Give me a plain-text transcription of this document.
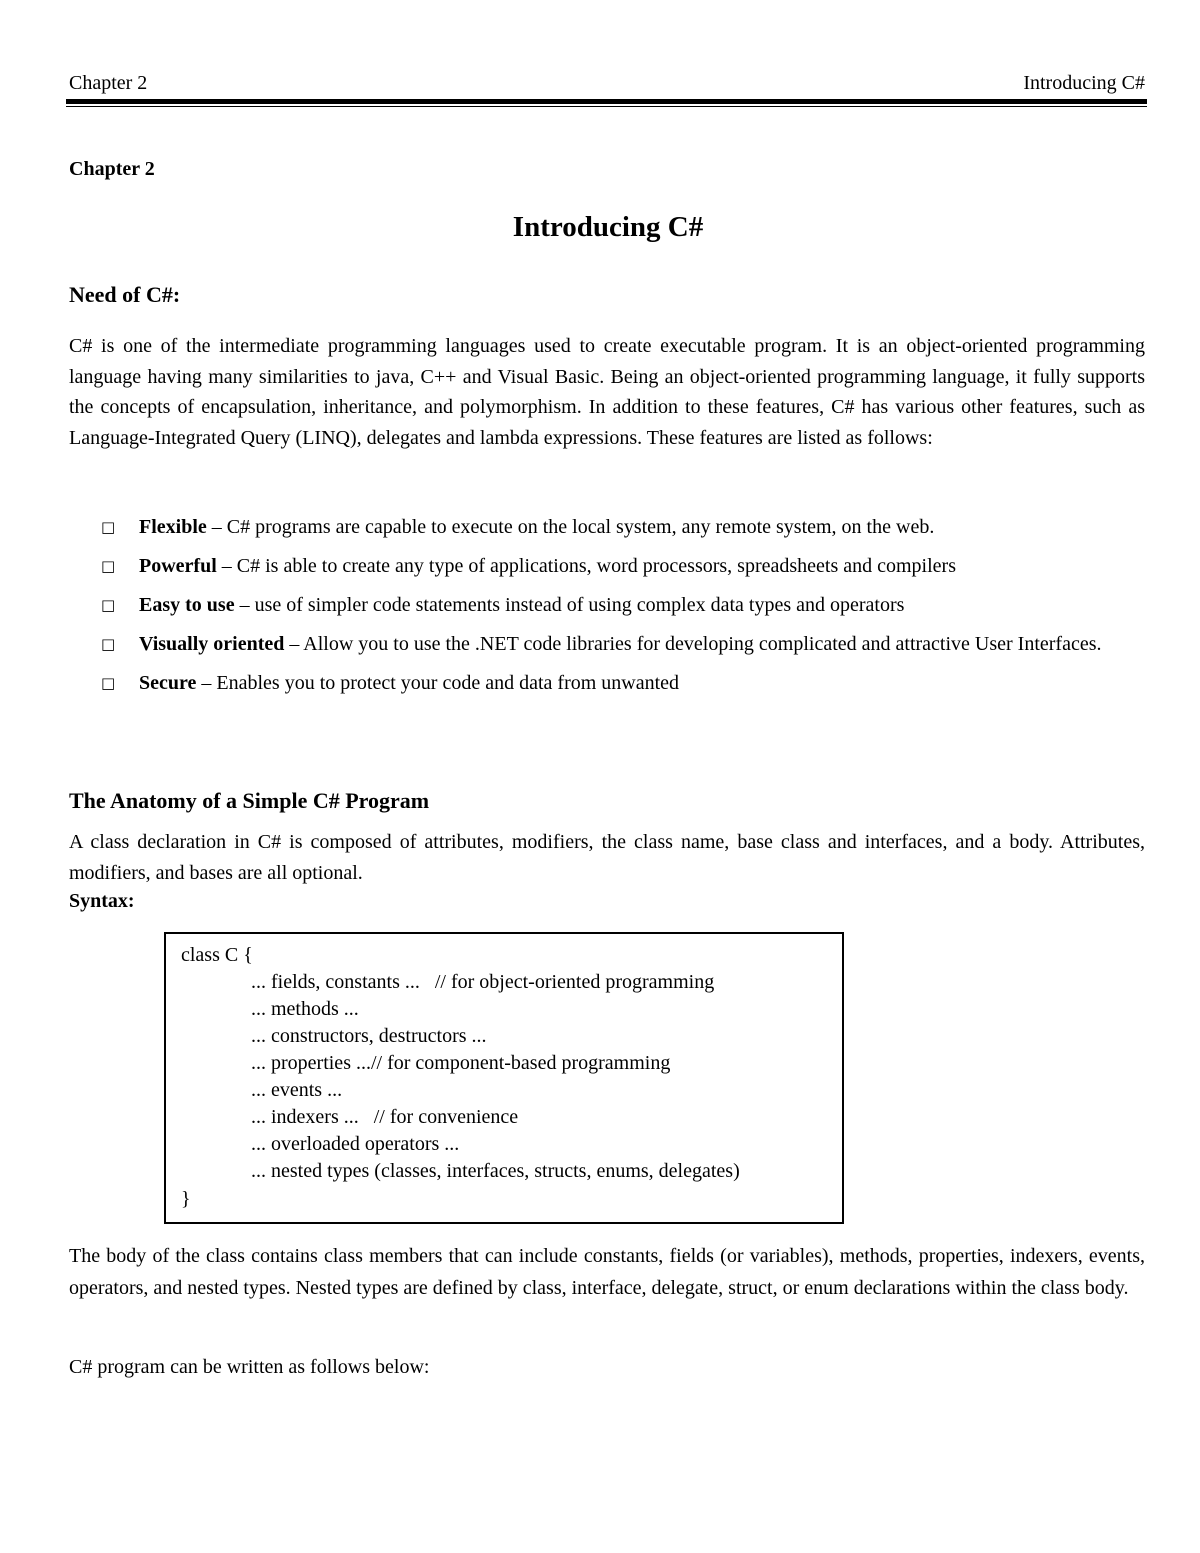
Chapter 2	Introducing C#
Chapter 2
Introducing C#
Need of C#:

C# is one of the intermediate programming languages used to create executable program. It is an object-oriented programming language having many similarities to java, C++ and Visual Basic. Being an object-oriented programming language, it fully supports the concepts of encapsulation, inheritance, and polymorphism. In addition to these features, C# has various other features, such as Language-Integrated Query (LINQ), delegates and lambda expressions. These features are listed as follows:

□ Flexible – C# programs are capable to execute on the local system, any remote system, on the web.
□ Powerful – C# is able to create any type of applications, word processors, spreadsheets and compilers
□ Easy to use – use of simpler code statements instead of using complex data types and operators
□ Visually oriented – Allow you to use the .NET code libraries for developing complicated and attractive User Interfaces.
□ Secure – Enables you to protect your code and data from unwanted
The Anatomy of a Simple C# Program

A class declaration in C# is composed of attributes, modifiers, the class name, base class and interfaces, and a body. Attributes, modifiers, and bases are all optional.

Syntax:
class C {
... fields, constants ...   // for object-oriented programming
... methods ...
... constructors, destructors ...
... properties ...// for component-based programming
... events ...
... indexers ...   // for convenience
... overloaded operators ...
... nested types (classes, interfaces, structs, enums, delegates)
}

The body of the class contains class members that can include constants, fields (or variables), methods, properties, indexers, events, operators, and nested types. Nested types are defined by class, interface, delegate, struct, or enum declarations within the class body.

C# program can be written as follows below:
